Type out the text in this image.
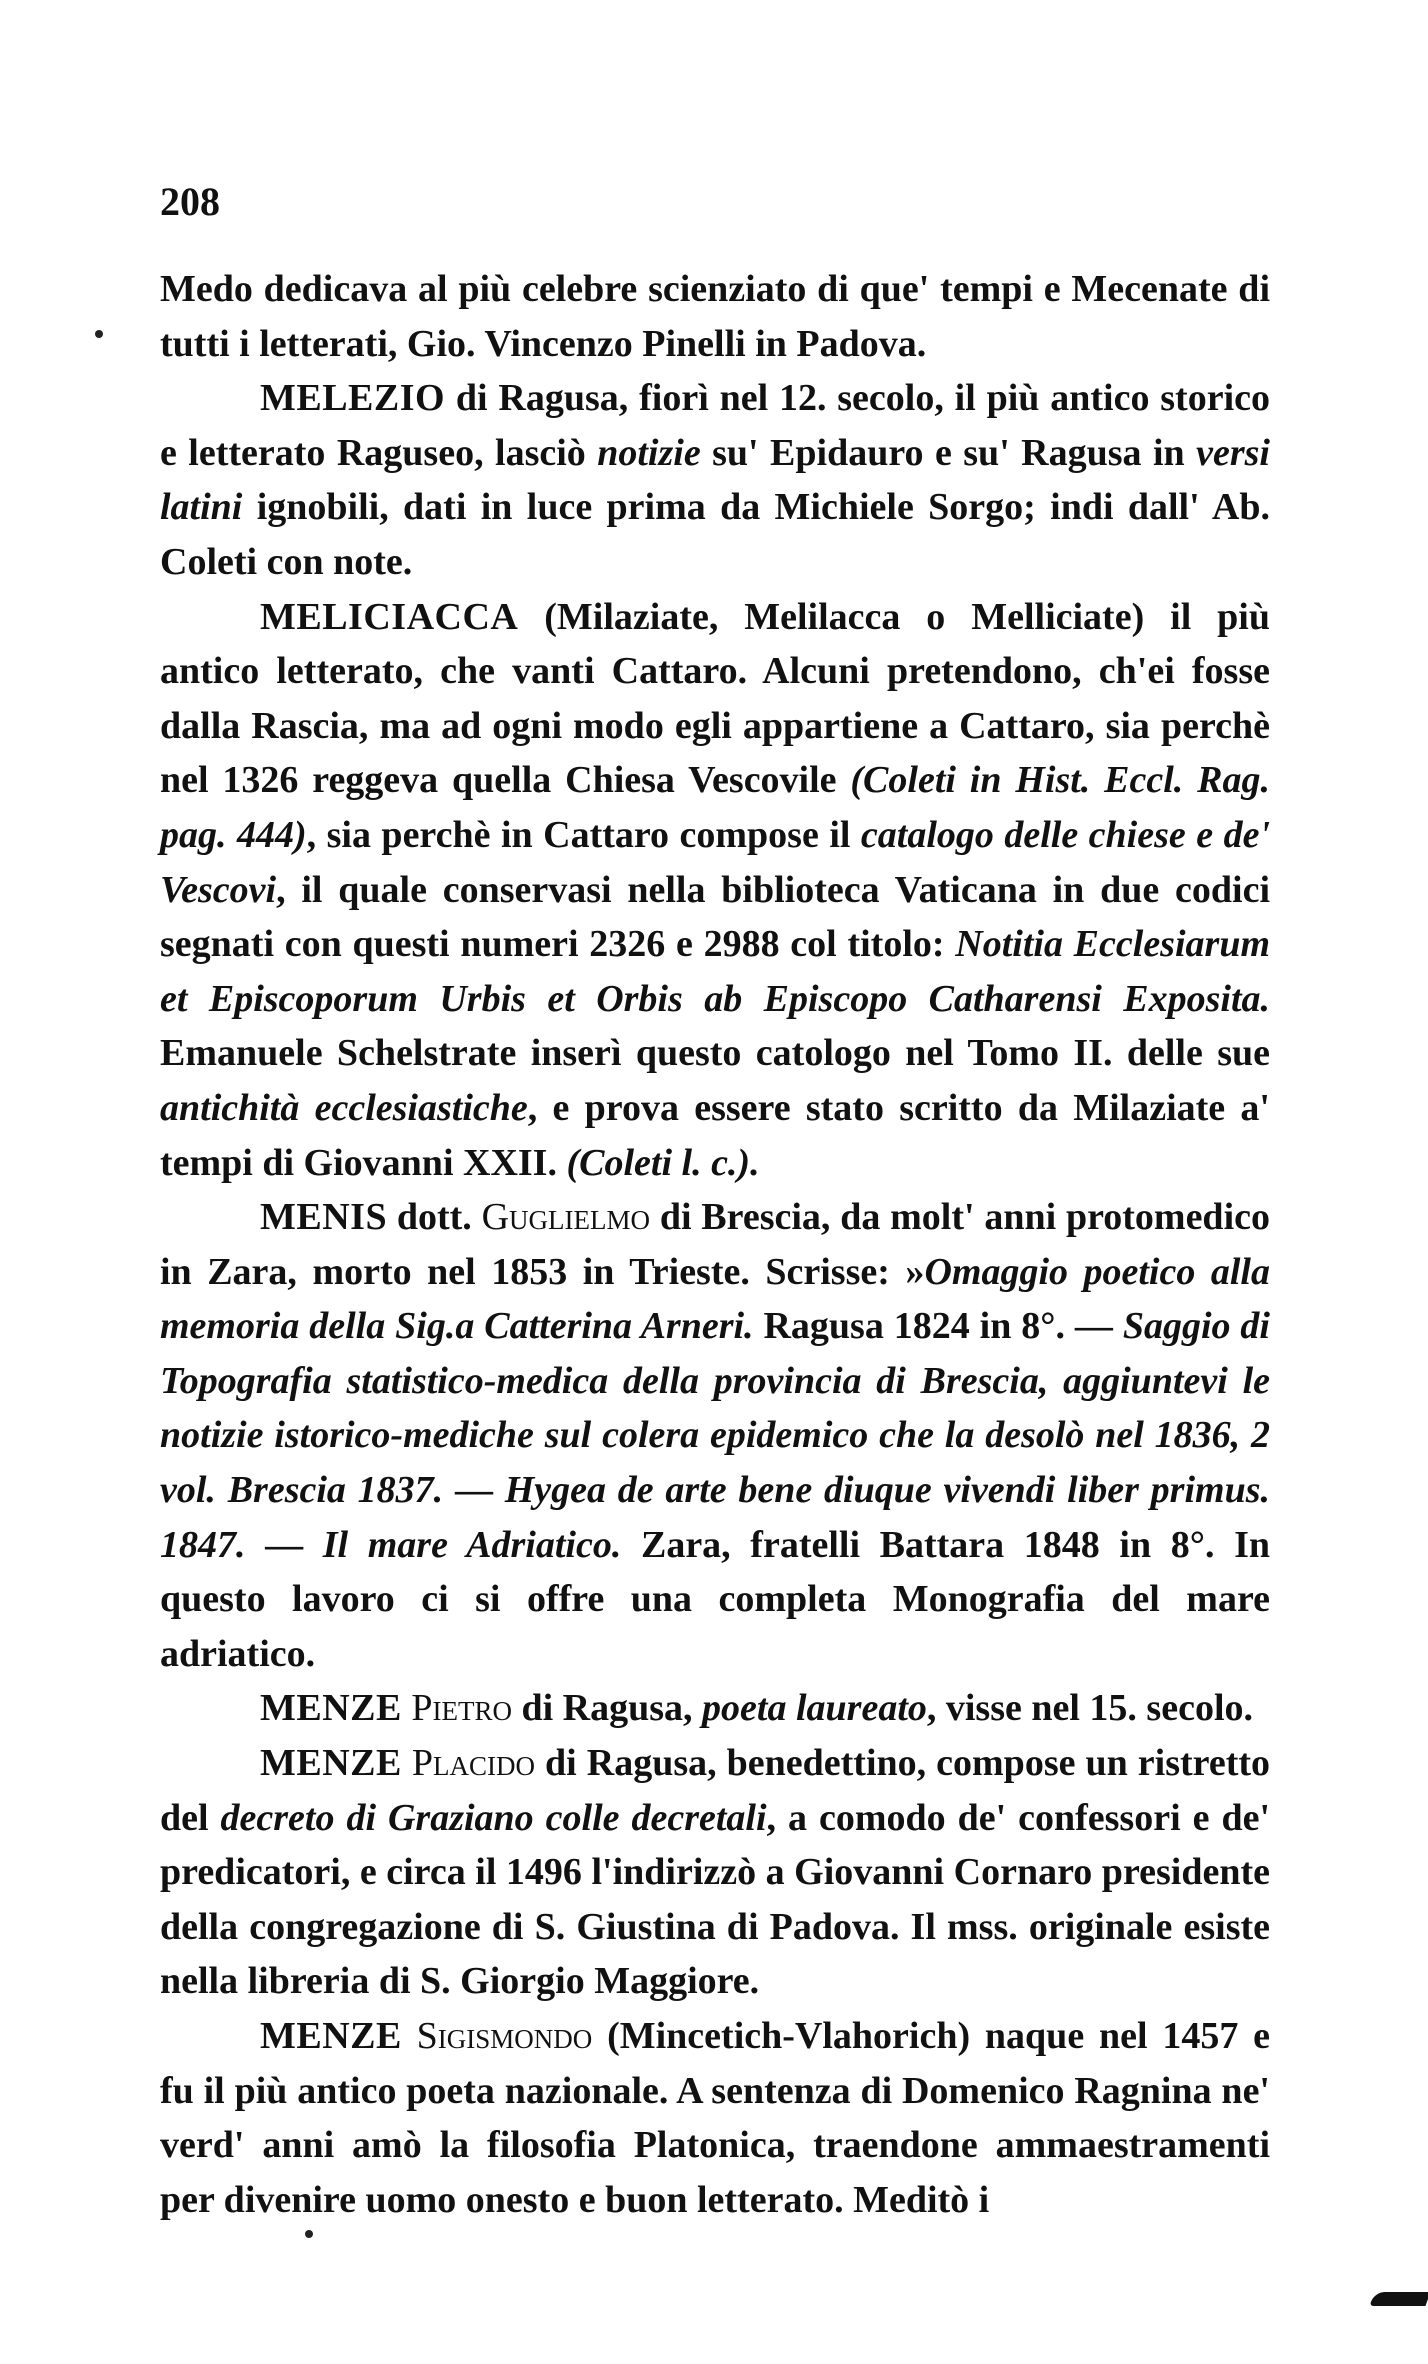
208

Medo dedicava al più celebre scienziato di que' tempi e Mecenate di tutti i letterati, Gio. Vincenzo Pinelli in Padova.

MELEZIO di Ragusa, fiorì nel 12. secolo, il più antico storico e letterato Raguseo, lasciò notizie su' Epidauro e su' Ragusa in versi latini ignobili, dati in luce prima da Michiele Sorgo; indi dall' Ab. Coleti con note.

MELICIACCA (Milaziate, Melilacca o Melliciate) il più antico letterato, che vanti Cattaro. Alcuni pretendono, ch'ei fosse dalla Rascia, ma ad ogni modo egli appartiene a Cattaro, sia perchè nel 1326 reggeva quella Chiesa Vescovile (Coleti in Hist. Eccl. Rag. pag. 444), sia perchè in Cattaro compose il catalogo delle chiese e de' Vescovi, il quale conservasi nella biblioteca Vaticana in due codici segnati con questi numeri 2326 e 2988 col titolo: Notitia Ecclesiarum et Episcoporum Urbis et Orbis ab Episcopo Catharensi Exposita. Emanuele Schelstrate inserì questo catologo nel Tomo II. delle sue antichità ecclesiastiche, e prova essere stato scritto da Milaziate a' tempi di Giovanni XXII. (Coleti l. c.).

MENIS dott. Guglielmo di Brescia, da molt' anni protomedico in Zara, morto nel 1853 in Trieste. Scrisse: »Omaggio poetico alla memoria della Sig.a Catterina Arneri. Ragusa 1824 in 8°. — Saggio di Topografia statistico-medica della provincia di Brescia, aggiuntevi le notizie istorico-mediche sul colera epidemico che la desolò nel 1836, 2 vol. Brescia 1837. — Hygea de arte bene diuque vivendi liber primus. 1847. — Il mare Adriatico. Zara, fratelli Battara 1848 in 8°. In questo lavoro ci si offre una completa Monografia del mare adriatico.

MENZE Pietro di Ragusa, poeta laureato, visse nel 15. secolo.

MENZE Placido di Ragusa, benedettino, compose un ristretto del decreto di Graziano colle decretali, a comodo de' confessori e de' predicatori, e circa il 1496 l'indirizzò a Giovanni Cornaro presidente della congregazione di S. Giustina di Padova. Il mss. originale esiste nella libreria di S. Giorgio Maggiore.

MENZE Sigismondo (Mincetich-Vlahorich) naque nel 1457 e fu il più antico poeta nazionale. A sentenza di Domenico Ragnina ne' verd' anni amò la filosofia Platonica, traendone ammaestramenti per divenire uomo onesto e buon letterato. Meditò i
